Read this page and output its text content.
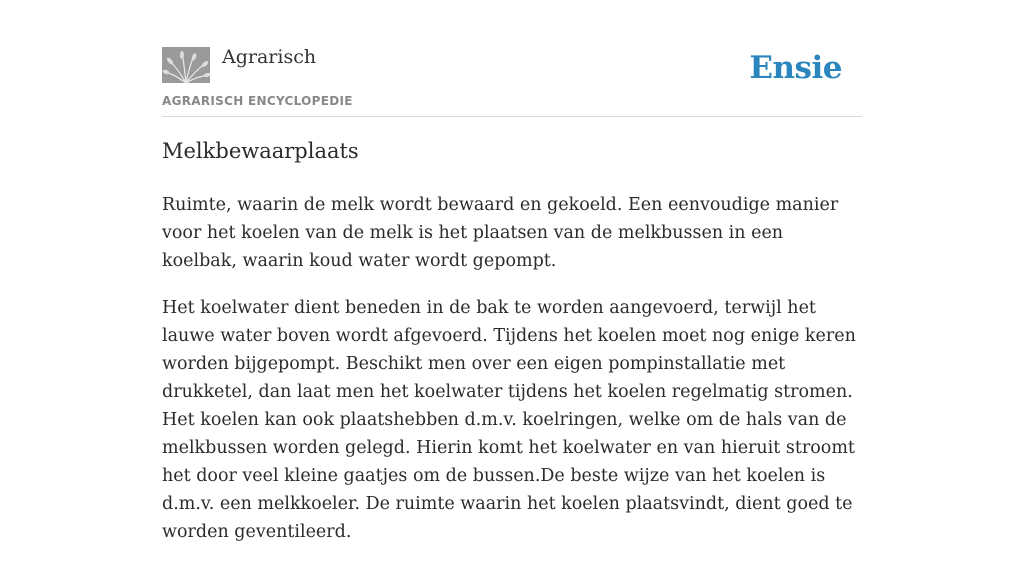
Agrarisch
AGRARISCH ENCYCLOPEDIE
Ensie
Melkbewaarplaats

Ruimte, waarin de melk wordt bewaard en gekoeld. Een eenvoudige manier voor het koelen van de melk is het plaatsen van de melkbussen in een koelbak, waarin koud water wordt gepompt.

Het koelwater dient beneden in de bak te worden aangevoerd, terwijl het lauwe water boven wordt afgevoerd. Tijdens het koelen moet nog enige keren worden bijgepompt. Beschikt men over een eigen pompinstallatie met drukketel, dan laat men het koelwater tijdens het koelen regelmatig stromen. Het koelen kan ook plaatshebben d.m.v. koelringen, welke om de hals van de melkbussen worden gelegd. Hierin komt het koelwater en van hieruit stroomt het door veel kleine gaatjes om de bussen.De beste wijze van het koelen is d.m.v. een melkkoeler. De ruimte waarin het koelen plaatsvindt, dient goed te worden geventileerd.
